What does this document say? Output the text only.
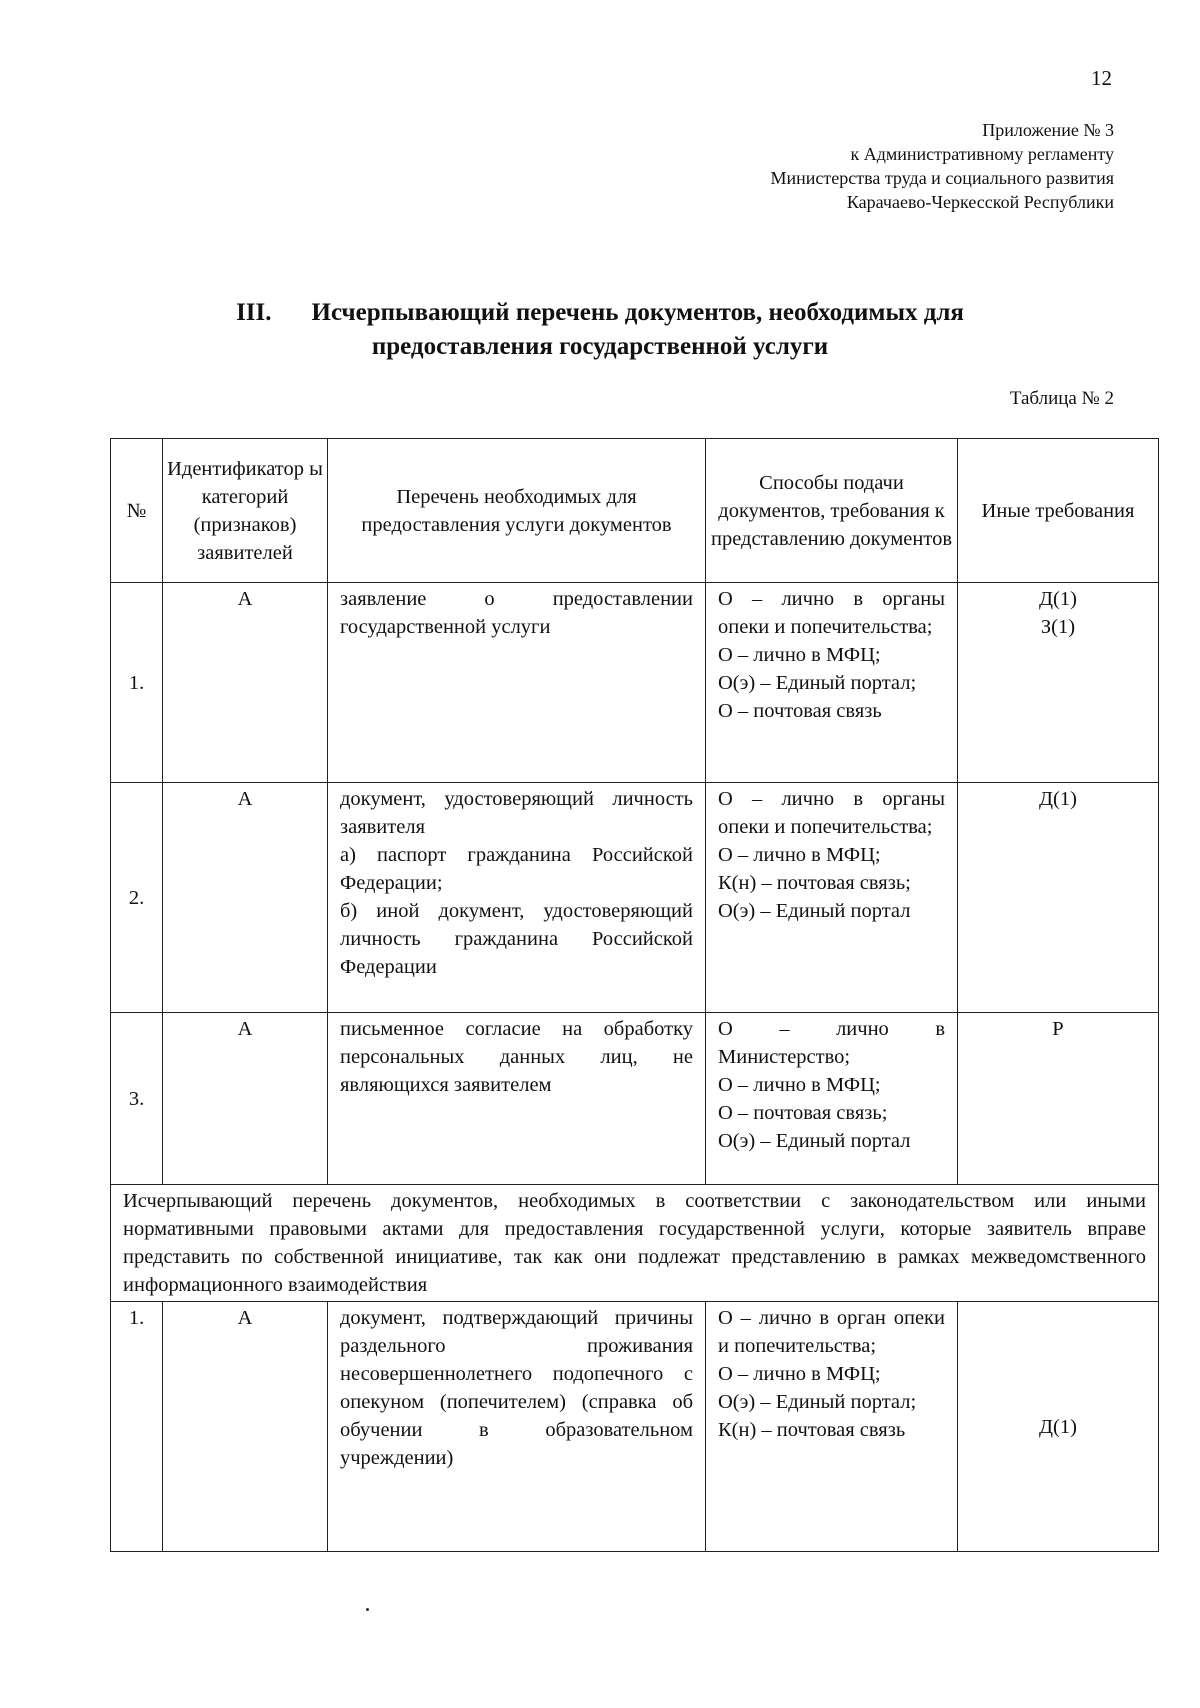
12
Приложение № 3
к Административному регламенту
Министерства труда и социального развития
Карачаево-Черкесской Республики
III. Исчерпывающий перечень документов, необходимых для
предоставления государственной услуги
Таблица № 2
№	Идентификатор ы категорий (признаков) заявителей	Перечень необходимых для предоставления услуги документов	Способы подачи документов, требования к представлению документов	Иные требования
1.	А	заявление о предоставлении государственной услуги	О – лично в органы опеки и попечительства;
О – лично в МФЦ;
О(э) – Единый портал;
О – почтовая связь	Д(1)
З(1)

2.	А	документ, удостоверяющий личность заявителя
а) паспорт гражданина Российской Федерации;
б) иной документ, удостоверяющий личность гражданина Российской Федерации	О – лично в органы опеки и попечительства;
О – лично в МФЦ;
К(н) – почтовая связь;
О(э) – Единый портал	Д(1)

3.	А	письменное согласие на обработку персональных данных лиц, не являющихся заявителем	О – лично в Министерство;
О – лично в МФЦ;
О – почтовая связь;
О(э) – Единый портал	Р

Исчерпывающий перечень документов, необходимых в соответствии с законодательством или иными нормативными правовыми актами для предоставления государственной услуги, которые заявитель вправе представить по собственной инициативе, так как они подлежат представлению в рамках межведомственного информационного взаимодействия				
1.	А	документ, подтверждающий причины раздельного проживания несовершеннолетнего подопечного с опекуном (попечителем) (справка об обучении в образовательном учреждении)	О – лично в орган опеки и попечительства;
О – лично в МФЦ;
О(э) – Единый портал;
К(н) – почтовая связь	Д(1)
